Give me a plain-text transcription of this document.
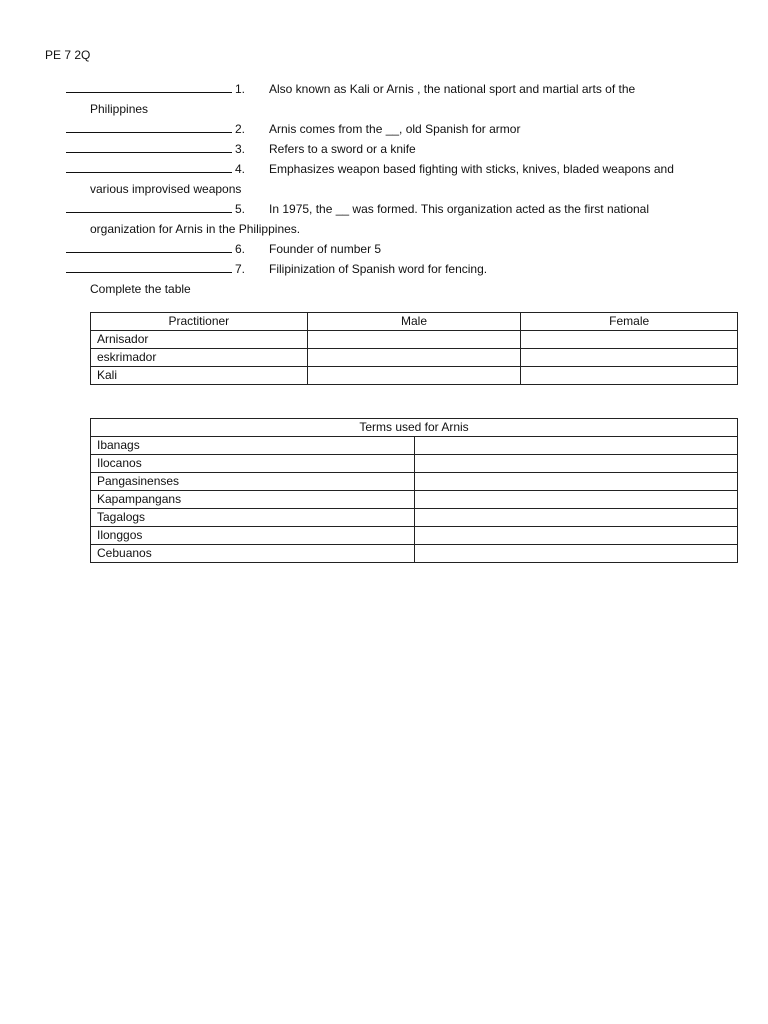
PE 7 2Q
1. Also known as Kali or Arnis , the national sport and martial arts of the
Philippines
2. Arnis comes from the __, old Spanish for armor
3. Refers to a sword or a knife
4. Emphasizes weapon based fighting with sticks, knives, bladed weapons and
various improvised weapons
5. In 1975, the __ was formed. This organization acted as the first national
organization for Arnis in the Philippines.
6. Founder of number 5
7. Filipinization of Spanish word for fencing.
Complete the table
Practitioner	Male	Female
Arnisador		
eskrimador		
Kali		
Terms used for Arnis	
Ibanags	
Ilocanos	
Pangasinenses	
Kapampangans	
Tagalogs	
Ilonggos	
Cebuanos	
